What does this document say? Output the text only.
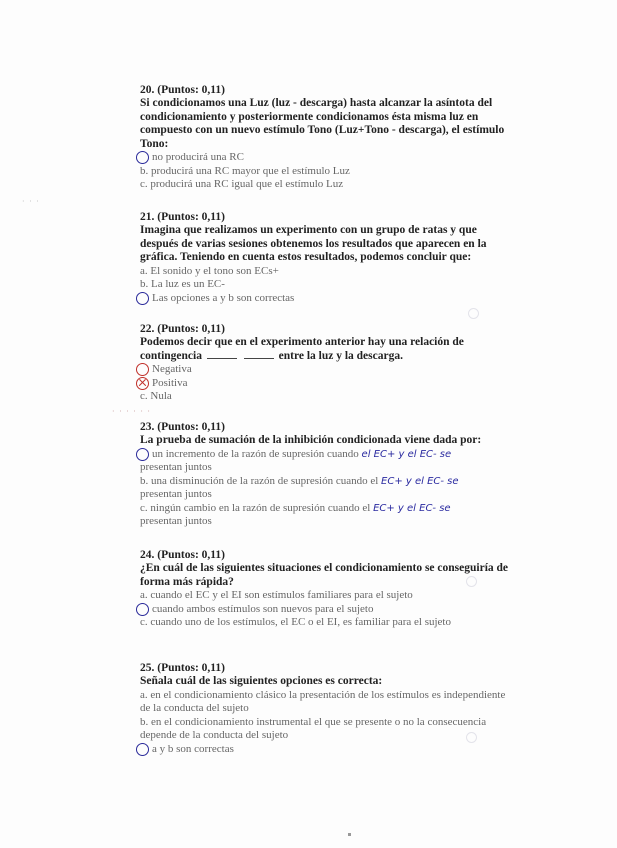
· · ·
· · · · · ·
20. (Puntos: 0,11)
Si condicionamos una Luz (luz - descarga) hasta alcanzar la asíntota del condicionamiento y posteriormente condicionamos ésta misma luz en compuesto con un nuevo estímulo Tono (Luz+Tono - descarga), el estímulo Tono:
no producirá una RC
b. producirá una RC mayor que el estímulo Luz
c. producirá una RC igual que el estímulo Luz
21. (Puntos: 0,11)
Imagina que realizamos un experimento con un grupo de ratas y que después de varias sesiones obtenemos los resultados que aparecen en la gráfica. Teniendo en cuenta estos resultados, podemos concluir que:
a. El sonido y el tono son ECs+
b. La luz es un EC-
Las opciones a y b son correctas
22. (Puntos: 0,11)
Podemos decir que en el experimento anterior hay una relación de contingencia	entre la luz y la descarga.
Negativa
Positiva
c. Nula
23. (Puntos: 0,11)
La prueba de sumación de la inhibición condicionada viene dada por:
un incremento de la razón de supresión cuando el EC+ y el EC- se
presentan juntos
b. una disminución de la razón de supresión cuando el EC+ y el EC- se
presentan juntos
c. ningún cambio en la razón de supresión cuando el EC+ y el EC- se
presentan juntos
24. (Puntos: 0,11)
¿En cuál de las siguientes situaciones el condicionamiento se conseguiría de forma más rápida?
a. cuando el EC y el EI son estímulos familiares para el sujeto
cuando ambos estímulos son nuevos para el sujeto
c. cuando uno de los estímulos, el EC o el EI, es familiar para el sujeto
25. (Puntos: 0,11)
Señala cuál de las siguientes opciones es correcta:
a. en el condicionamiento clásico la presentación de los estímulos es independiente de la conducta del sujeto
b. en el condicionamiento instrumental el que se presente o no la consecuencia depende de la conducta del sujeto
a y b son correctas
